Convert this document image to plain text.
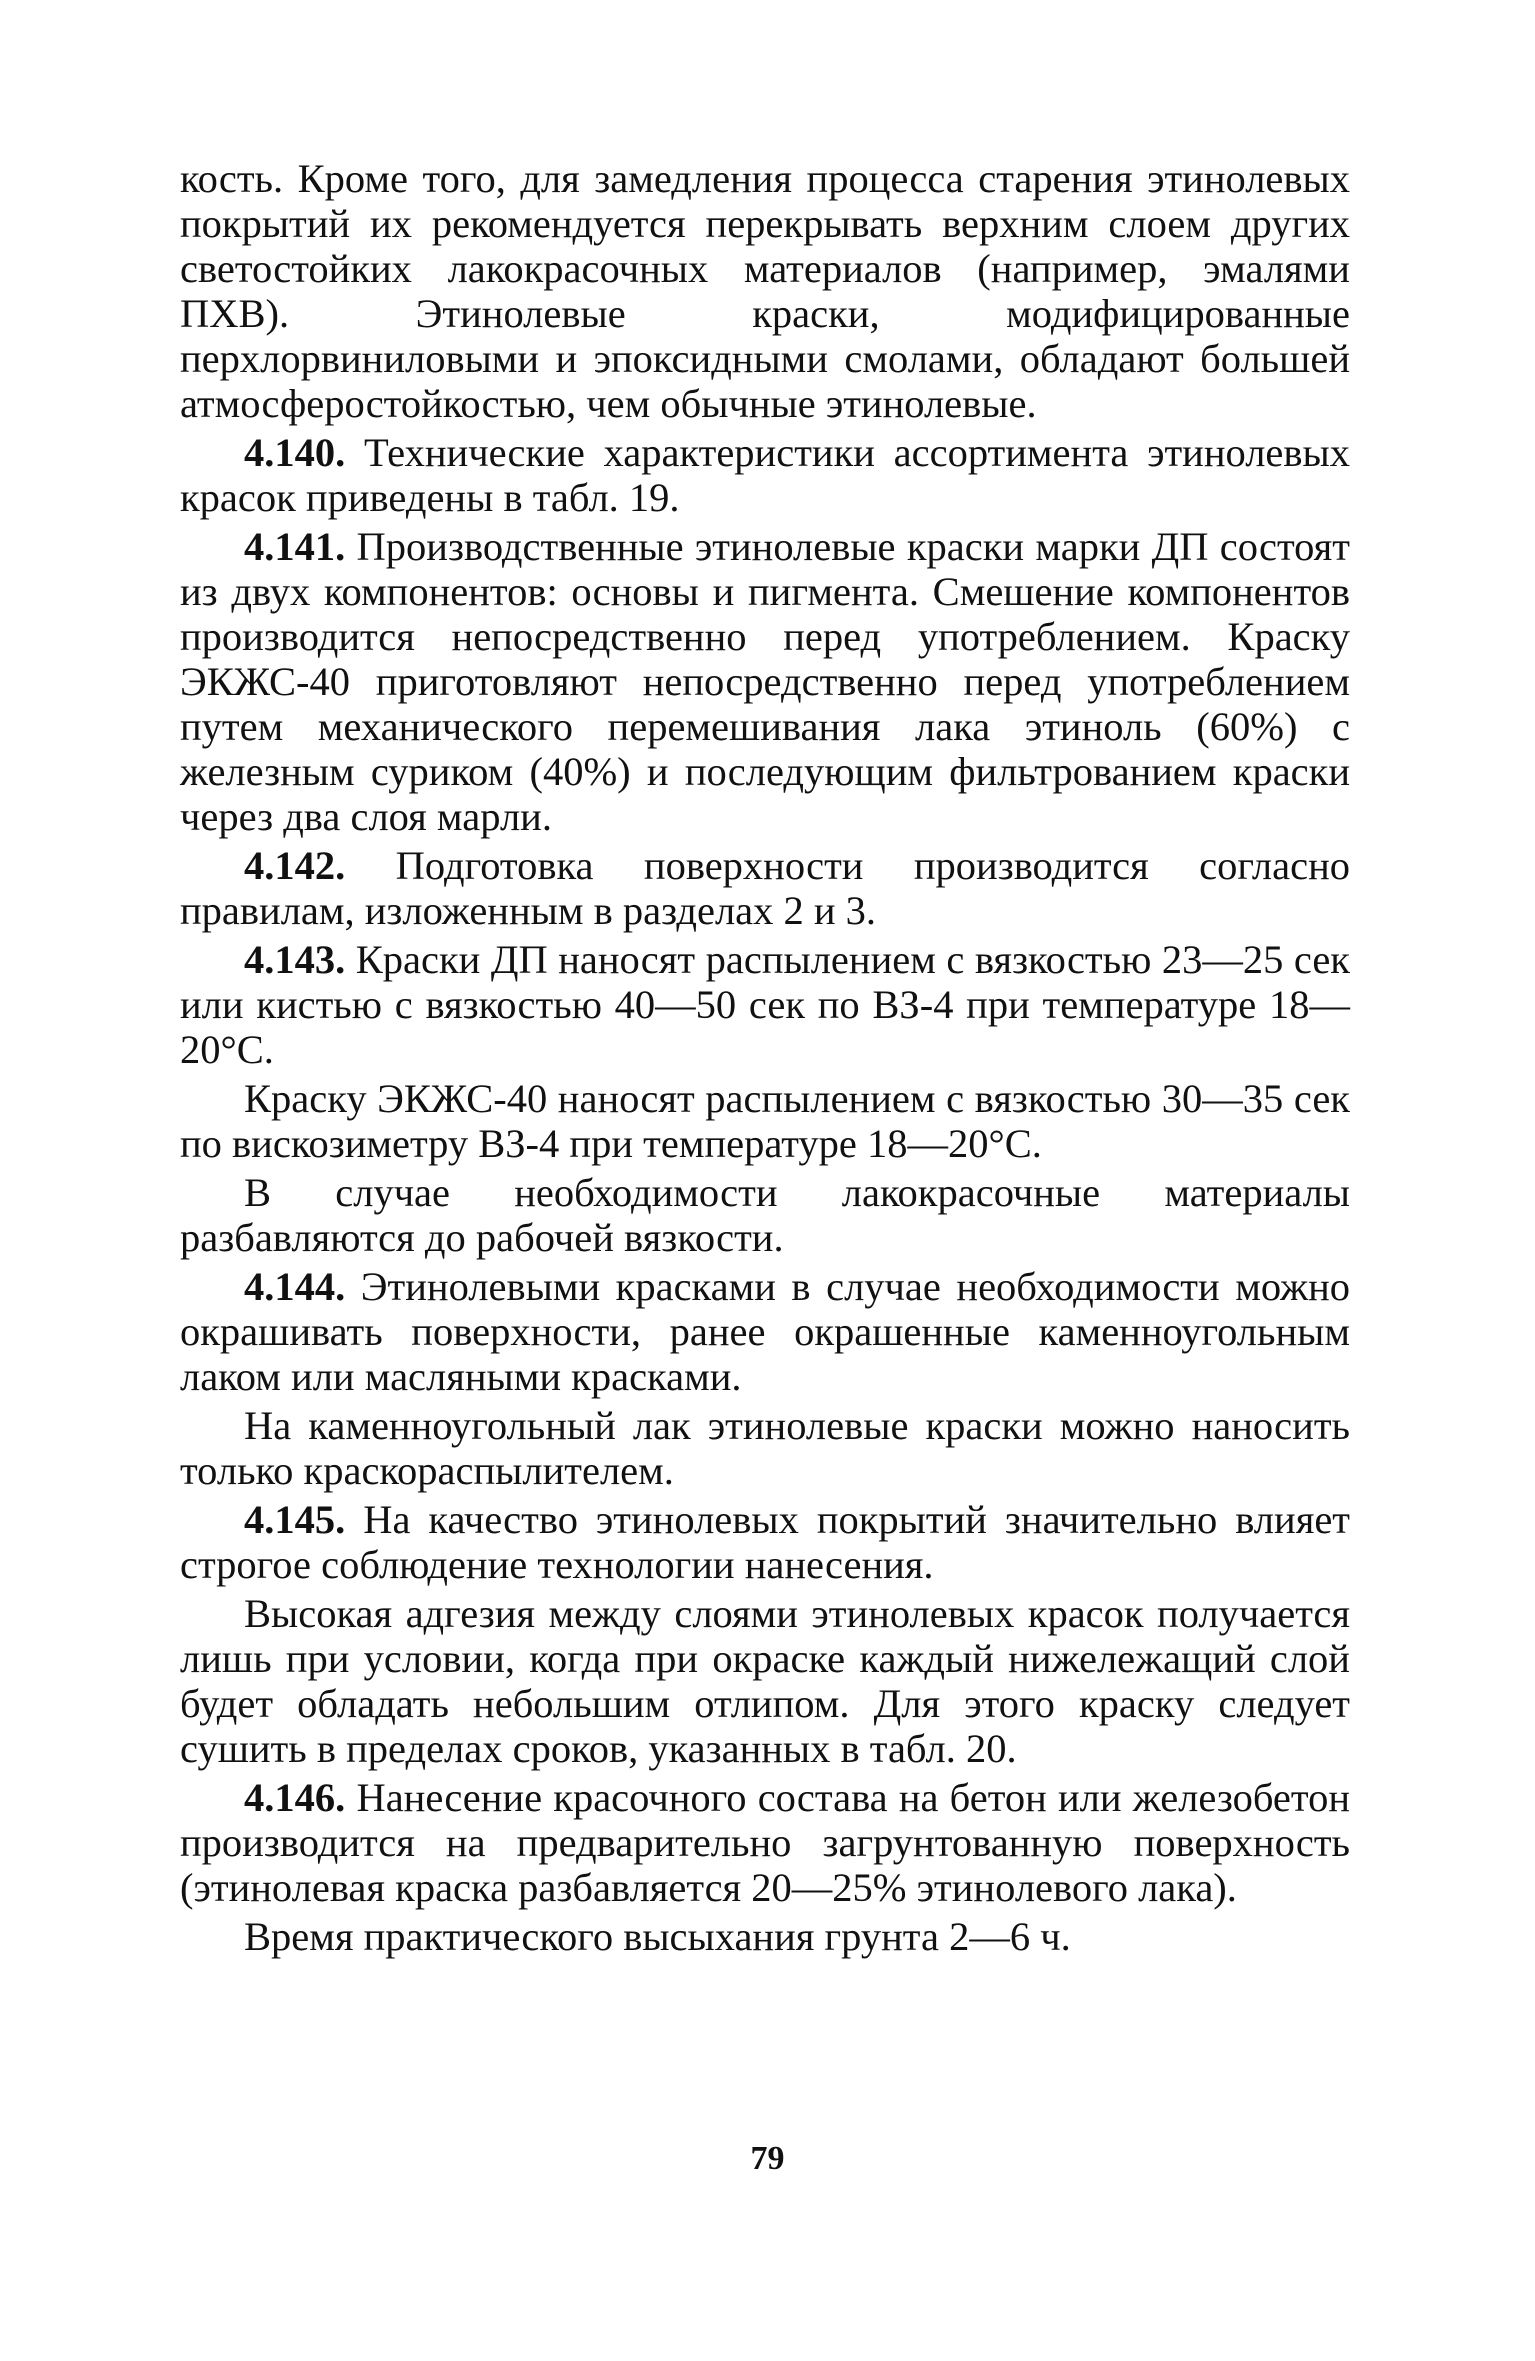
кость. Кроме того, для замедления процесса старения этинолевых покрытий их рекомендуется перекрывать верхним слоем других светостойких лакокрасочных материалов (например, эмалями ПХВ). Этинолевые краски, модифицированные перхлорвиниловыми и эпоксидными смолами, обладают большей атмосферостойкостью, чем обычные этинолевые.

4.140. Технические характеристики ассортимента этинолевых красок приведены в табл. 19.

4.141. Производственные этинолевые краски марки ДП состоят из двух компонентов: основы и пигмента. Смешение компонентов производится непосредственно перед употреблением. Краску ЭКЖС-40 приготовляют непосредственно перед употреблением путем механического перемешивания лака этиноль (60%) с железным суриком (40%) и последующим фильтрованием краски через два слоя марли.

4.142. Подготовка поверхности производится согласно правилам, изложенным в разделах 2 и 3.

4.143. Краски ДП наносят распылением с вязкостью 23—25 сек или кистью с вязкостью 40—50 сек по ВЗ-4 при температуре 18—20°С.

Краску ЭКЖС-40 наносят распылением с вязкостью 30—35 сек по вискозиметру ВЗ-4 при температуре 18—20°С.

В случае необходимости лакокрасочные материалы разбавляются до рабочей вязкости.

4.144. Этинолевыми красками в случае необходимости можно окрашивать поверхности, ранее окрашенные каменноугольным лаком или масляными красками.

На каменноугольный лак этинолевые краски можно наносить только краскораспылителем.

4.145. На качество этинолевых покрытий значительно влияет строгое соблюдение технологии нанесения.

Высокая адгезия между слоями этинолевых красок получается лишь при условии, когда при окраске каждый нижележащий слой будет обладать небольшим отлипом. Для этого краску следует сушить в пределах сроков, указанных в табл. 20.

4.146. Нанесение красочного состава на бетон или железобетон производится на предварительно загрунтованную поверхность (этинолевая краска разбавляется 20—25% этинолевого лака).

Время практического высыхания грунта 2—6 ч.

79
